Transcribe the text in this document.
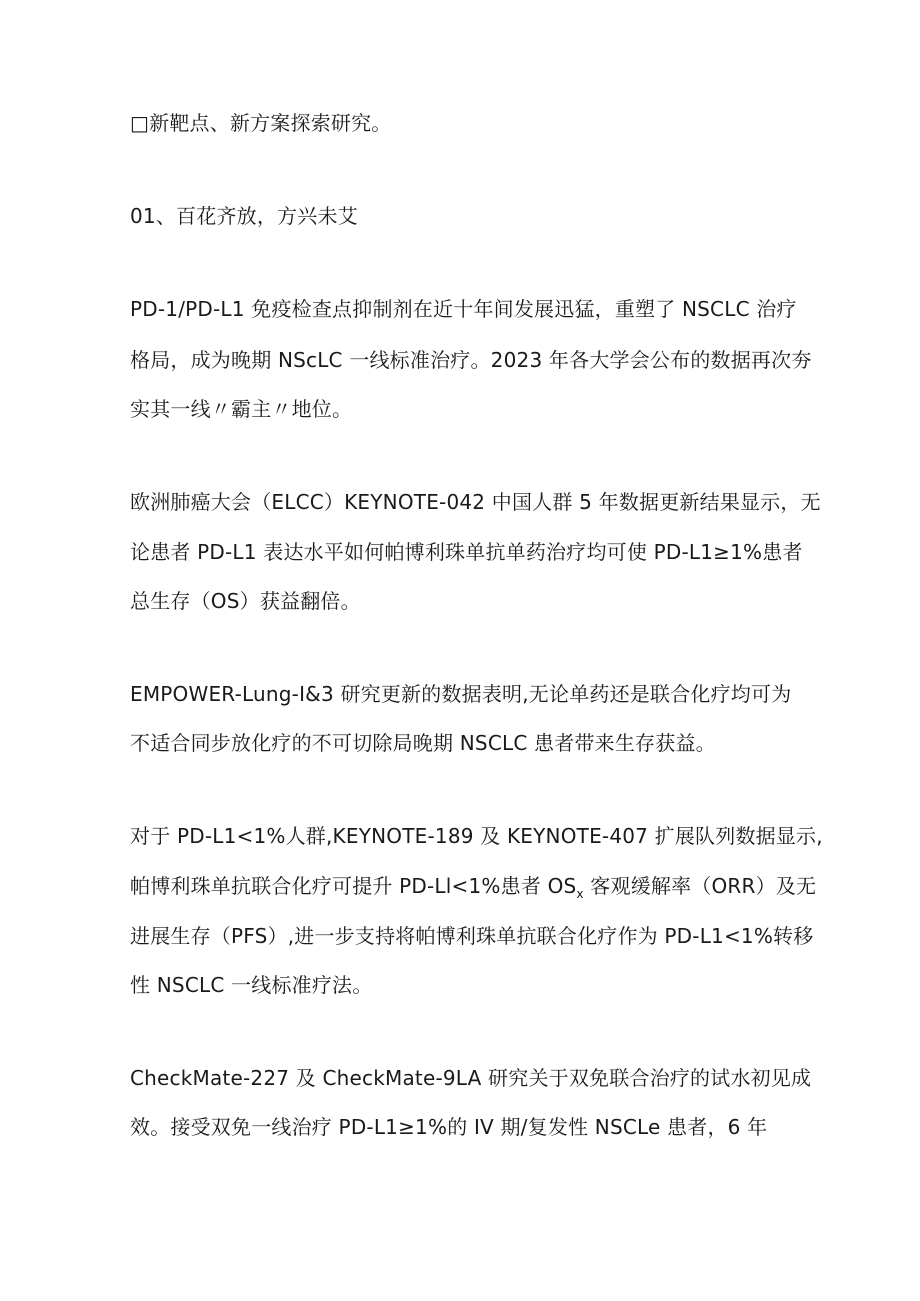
□新靶点、新方案探索研究。
01、百花齐放，方兴未艾
PD-1/PD-L1 免疫检查点抑制剂在近十年间发展迅猛，重塑了 NSCLC 治疗
格局，成为晚期 NScLC 一线标准治疗。2023 年各大学会公布的数据再次夯
实其一线〃霸主〃地位。
欧洲肺癌大会（ELCC）KEYNOTE-042 中国人群 5 年数据更新结果显示，无
论患者 PD-L1 表达水平如何帕博利珠单抗单药治疗均可使 PD-L1≥1%患者
总生存（OS）获益翻倍。
EMPOWER-Lung-I&3 研究更新的数据表明,无论单药还是联合化疗均可为
不适合同步放化疗的不可切除局晚期 NSCLC 患者带来生存获益。
对于 PD-L1<1%人群,KEYNOTE-189 及 KEYNOTE-407 扩展队列数据显示,
帕博利珠单抗联合化疗可提升 PD-Ll<1%患者 $OS_x$ 客观缓解率（ORR）及无
进展生存（PFS）,进一步支持将帕博利珠单抗联合化疗作为 PD-L1<1%转移
性 NSCLC 一线标准疗法。
CheckMate-227 及 CheckMate-9LA 研究关于双免联合治疗的试水初见成
效。接受双免一线治疗 PD-L1≥1%的 IV 期/复发性 NSCLe 患者，6 年
